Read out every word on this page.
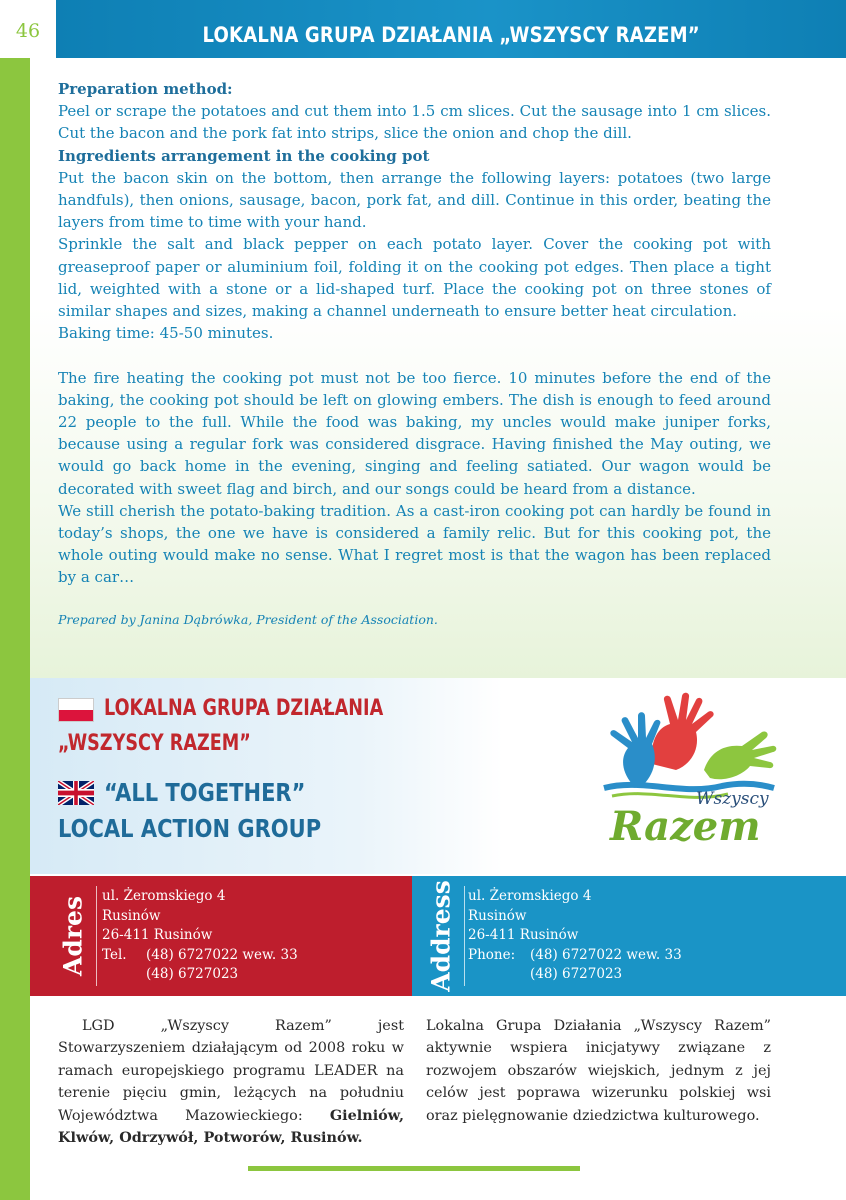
46	LOKALNA GRUPA DZIAŁANIA „WSZYSCY RAZEM”

Preparation method:

Peel or scrape the potatoes and cut them into 1.5 cm slices. Cut the sausage into 1 cm slices. Cut the bacon and the pork fat into strips, slice the onion and chop the dill.

Ingredients arrangement in the cooking pot

Put the bacon skin on the bottom, then arrange the following layers: potatoes (two large handfuls), then onions, sausage, bacon, pork fat, and dill. Continue in this order, beating the layers from time to time with your hand.

Sprinkle the salt and black pepper on each potato layer. Cover the cooking pot with greaseproof paper or aluminium foil, folding it on the cooking pot edges. Then place a tight lid, weighted with a stone or a lid-shaped turf. Place the cooking pot on three stones of similar shapes and sizes, making a channel underneath to ensure better heat circulation.

Baking time: 45-50 minutes.

The fire heating the cooking pot must not be too fierce. 10 minutes before the end of the baking, the cooking pot should be left on glowing embers. The dish is enough to feed around 22 people to the full. While the food was baking, my uncles would make juniper forks, because using a regular fork was considered disgrace. Having finished the May outing, we would go back home in the evening, singing and feeling satiated. Our wagon would be decorated with sweet flag and birch, and our songs could be heard from a distance.

We still cherish the potato-baking tradition. As a cast-iron cooking pot can hardly be found in today’s shops, the one we have is considered a family relic. But for this cooking pot, the whole outing would make no sense. What I regret most is that the wagon has been replaced by a car…

Prepared by Janina Dąbrówka, President of the Association.
LOKALNA GRUPA DZIAŁANIA
„WSZYSCY RAZEM”
“ALL TOGETHER”
LOCAL ACTION GROUP
Wszyscy
Razem
Adres ul. Żeromskiego 4
Rusinów
26-411 Rusinów
Tel. (48) 6727022 wew. 33
(48) 6727023	Address ul. Żeromskiego 4
Rusinów
26-411 Rusinów
Phone: (48) 6727022 wew. 33
(48) 6727023
LGD „Wszyscy Razem” jest Stowarzyszeniem działającym od 2008 roku w ramach europejskiego programu LEADER na terenie pięciu gmin, leżących na południu Województwa Mazowieckiego: Gielniów, Klwów, Odrzywół, Potworów, Rusinów.
Lokalna Grupa Działania „Wszyscy Razem” aktywnie wspiera inicjatywy związane z rozwojem obszarów wiejskich, jednym z jej celów jest poprawa wizerunku polskiej wsi oraz pielęgnowanie dziedzictwa kulturowego.
